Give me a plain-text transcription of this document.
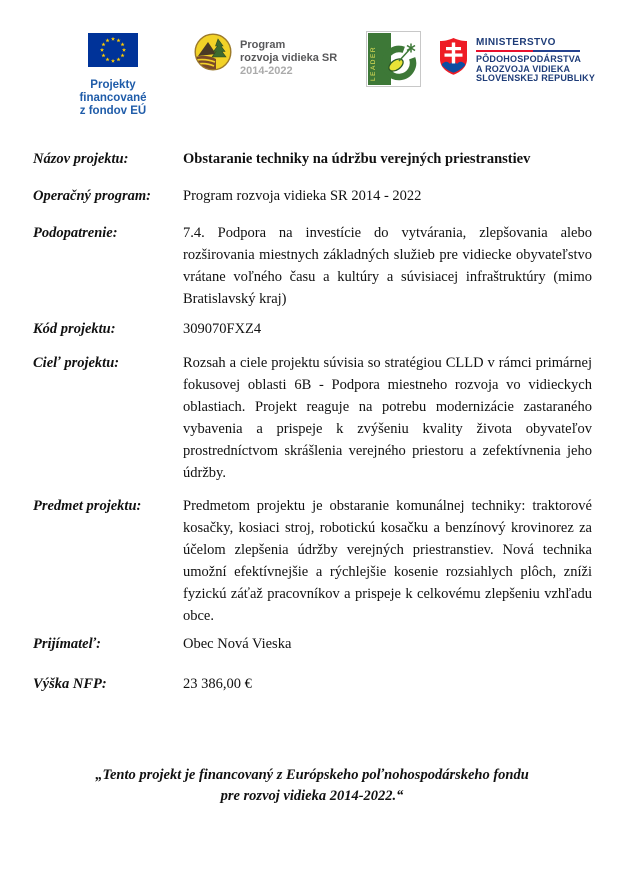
Projekty financované
z fondov EÚ
Program
rozvoja vidieka SR
2014-2022	LEADER
MINISTERSTVO
PÔDOHOSPODÁRSTVA
A ROZVOJA VIDIEKA
SLOVENSKEJ REPUBLIKY
Názov projektu:	Obstaranie techniky na údržbu verejných priestranstiev
Operačný program:	Program rozvoja vidieka SR 2014 - 2022
Podopatrenie:	7.4. Podpora na investície do vytvárania, zlepšovania alebo rozširovania miestnych základných služieb pre vidiecke obyvateľstvo vrátane voľného času a kultúry a súvisiacej infraštruktúry (mimo Bratislavský kraj)
Kód projektu:	309070FXZ4
Cieľ projektu:	Rozsah a ciele projektu súvisia so stratégiou CLLD v rámci primárnej fokusovej oblasti 6B - Podpora miestneho rozvoja vo vidieckych oblastiach. Projekt reaguje na potrebu modernizácie zastaraného vybavenia a prispeje k zvýšeniu kvality života obyvateľov prostredníctvom skrášlenia verejného priestoru a zefektívnenia jeho údržby.
Predmet projektu:	Predmetom projektu je obstaranie komunálnej techniky: traktorové kosačky, kosiaci stroj, robotickú kosačku a benzínový krovinorez za účelom zlepšenia údržby verejných priestranstiev. Nová technika umožní efektívnejšie a rýchlejšie kosenie rozsiahlych plôch, zníži fyzickú záťaž pracovníkov a prispeje k celkovému zlepšeniu vzhľadu obce.
Prijímateľ:	Obec Nová Vieska
Výška NFP:	23 386,00 €
„Tento projekt je financovaný z Európskeho poľnohospodárskeho fondu
pre rozvoj vidieka 2014-2022.“
